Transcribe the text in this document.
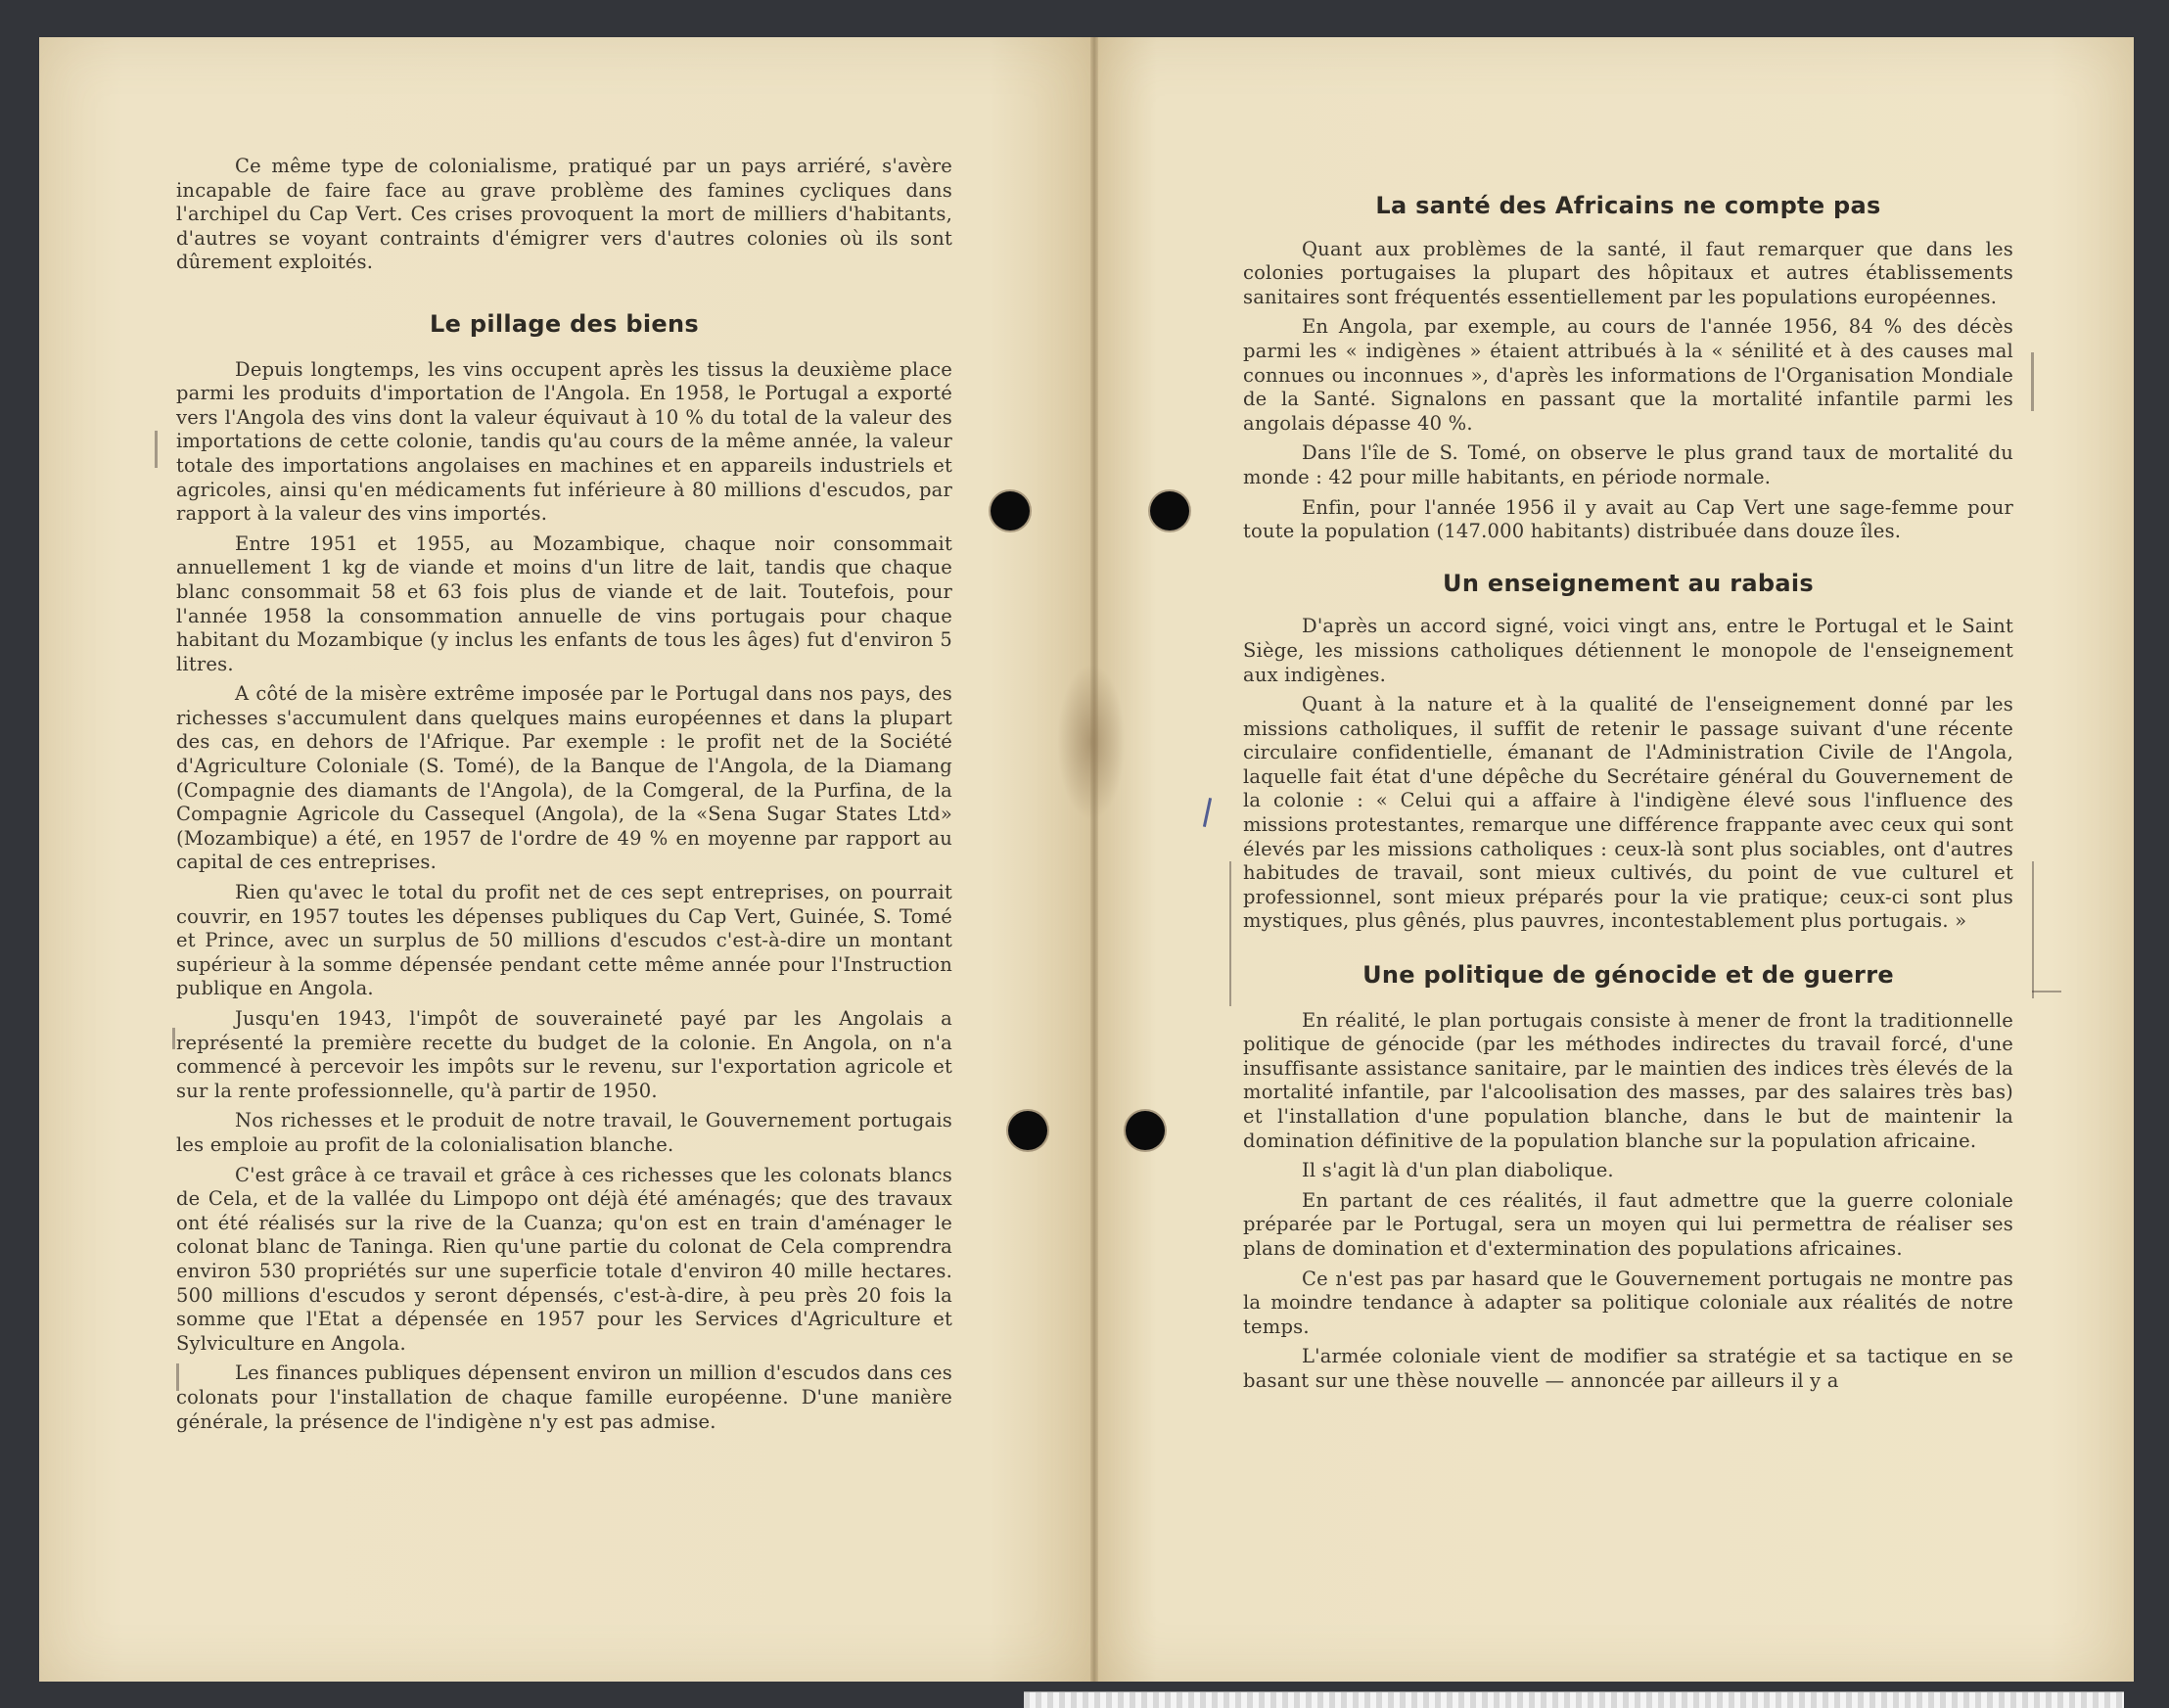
Ce même type de colonialisme, pratiqué par un pays arriéré, s'avère incapable de faire face au grave problème des famines cycliques dans l'archipel du Cap Vert. Ces crises provoquent la mort de milliers d'habitants, d'autres se voyant contraints d'émigrer vers d'autres colonies où ils sont dûrement exploités.

Le pillage des biens

Depuis longtemps, les vins occupent après les tissus la deuxième place parmi les produits d'importation de l'Angola. En 1958, le Portugal a exporté vers l'Angola des vins dont la valeur équivaut à 10 % du total de la valeur des importations de cette colonie, tandis qu'au cours de la même année, la valeur totale des importations angolaises en machines et en appareils industriels et agricoles, ainsi qu'en médicaments fut inférieure à 80 millions d'escudos, par rapport à la valeur des vins importés.

Entre 1951 et 1955, au Mozambique, chaque noir consommait annuellement 1 kg de viande et moins d'un litre de lait, tandis que chaque blanc consommait 58 et 63 fois plus de viande et de lait. Toutefois, pour l'année 1958 la consommation annuelle de vins portugais pour chaque habitant du Mozambique (y inclus les enfants de tous les âges) fut d'environ 5 litres.

A côté de la misère extrême imposée par le Portugal dans nos pays, des richesses s'accumulent dans quelques mains européennes et dans la plupart des cas, en dehors de l'Afrique. Par exemple : le profit net de la Société d'Agriculture Coloniale (S. Tomé), de la Banque de l'Angola, de la Diamang (Compagnie des diamants de l'Angola), de la Comgeral, de la Purfina, de la Compagnie Agricole du Cassequel (Angola), de la «Sena Sugar States Ltd» (Mozambique) a été, en 1957 de l'ordre de 49 % en moyenne par rapport au capital de ces entreprises.

Rien qu'avec le total du profit net de ces sept entreprises, on pourrait couvrir, en 1957 toutes les dépenses publiques du Cap Vert, Guinée, S. Tomé et Prince, avec un surplus de 50 millions d'escudos c'est-à-dire un montant supérieur à la somme dépensée pendant cette même année pour l'Instruction publique en Angola.

Jusqu'en 1943, l'impôt de souveraineté payé par les Angolais a représenté la première recette du budget de la colonie. En Angola, on n'a commencé à percevoir les impôts sur le revenu, sur l'exportation agricole et sur la rente professionnelle, qu'à partir de 1950.

Nos richesses et le produit de notre travail, le Gouvernement portugais les emploie au profit de la colonialisation blanche.

C'est grâce à ce travail et grâce à ces richesses que les colonats blancs de Cela, et de la vallée du Limpopo ont déjà été aménagés; que des travaux ont été réalisés sur la rive de la Cuanza; qu'on est en train d'aménager le colonat blanc de Taninga. Rien qu'une partie du colonat de Cela comprendra environ 530 propriétés sur une superficie totale d'environ 40 mille hectares. 500 millions d'escudos y seront dépensés, c'est-à-dire, à peu près 20 fois la somme que l'Etat a dépensée en 1957 pour les Services d'Agriculture et Sylviculture en Angola.

Les finances publiques dépensent environ un million d'escudos dans ces colonats pour l'installation de chaque famille européenne. D'une manière générale, la présence de l'indigène n'y est pas admise.

La santé des Africains ne compte pas

Quant aux problèmes de la santé, il faut remarquer que dans les colonies portugaises la plupart des hôpitaux et autres établissements sanitaires sont fréquentés essentiellement par les populations européennes.

En Angola, par exemple, au cours de l'année 1956, 84 % des décès parmi les « indigènes » étaient attribués à la « sénilité et à des causes mal connues ou inconnues », d'après les informations de l'Organisation Mondiale de la Santé. Signalons en passant que la mortalité infantile parmi les angolais dépasse 40 %.

Dans l'île de S. Tomé, on observe le plus grand taux de mortalité du monde : 42 pour mille habitants, en période normale.

Enfin, pour l'année 1956 il y avait au Cap Vert une sage-femme pour toute la population (147.000 habitants) distribuée dans douze îles.

Un enseignement au rabais

D'après un accord signé, voici vingt ans, entre le Portugal et le Saint Siège, les missions catholiques détiennent le monopole de l'enseignement aux indigènes.

Quant à la nature et à la qualité de l'enseignement donné par les missions catholiques, il suffit de retenir le passage suivant d'une récente circulaire confidentielle, émanant de l'Administration Civile de l'Angola, laquelle fait état d'une dépêche du Secrétaire général du Gouvernement de la colonie : « Celui qui a affaire à l'indigène élevé sous l'influence des missions protestantes, remarque une différence frappante avec ceux qui sont élevés par les missions catholiques : ceux-là sont plus sociables, ont d'autres habitudes de travail, sont mieux cultivés, du point de vue culturel et professionnel, sont mieux préparés pour la vie pratique; ceux-ci sont plus mystiques, plus gênés, plus pauvres, incontestablement plus portugais. »

Une politique de génocide et de guerre

En réalité, le plan portugais consiste à mener de front la traditionnelle politique de génocide (par les méthodes indirectes du travail forcé, d'une insuffisante assistance sanitaire, par le maintien des indices très élevés de la mortalité infantile, par l'alcoolisation des masses, par des salaires très bas) et l'installation d'une population blanche, dans le but de maintenir la domination définitive de la population blanche sur la population africaine.

Il s'agit là d'un plan diabolique.

En partant de ces réalités, il faut admettre que la guerre coloniale préparée par le Portugal, sera un moyen qui lui permettra de réaliser ses plans de domination et d'extermination des populations africaines.

Ce n'est pas par hasard que le Gouvernement portugais ne montre pas la moindre tendance à adapter sa politique coloniale aux réalités de notre temps.

L'armée coloniale vient de modifier sa stratégie et sa tactique en se basant sur une thèse nouvelle — annoncée par ailleurs il y a
